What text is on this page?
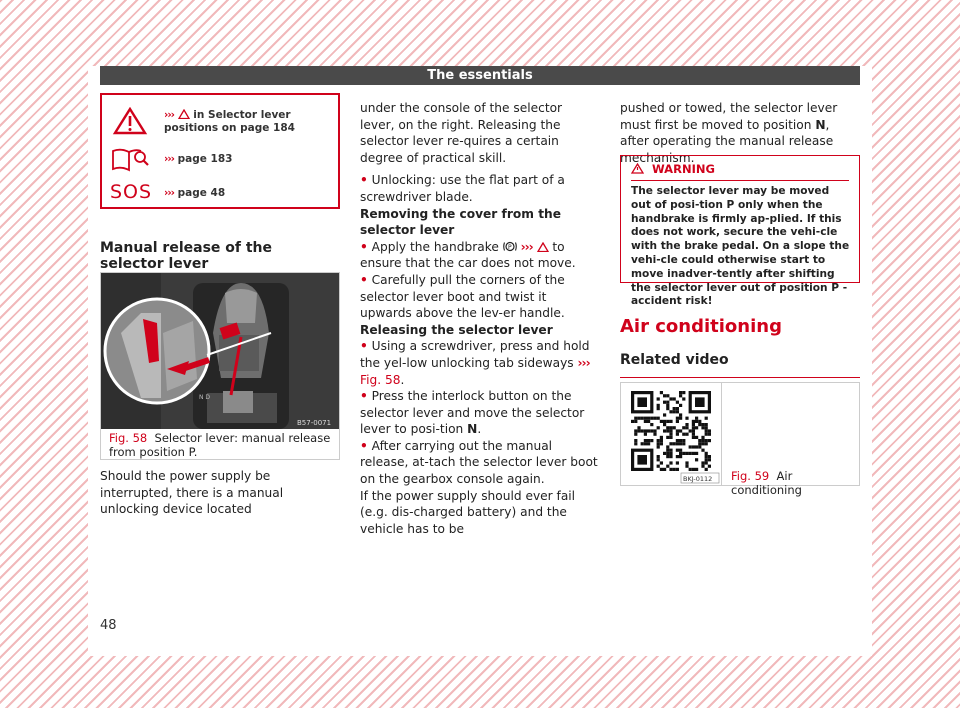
The essentials
››› in Selector lever positions on page 184
››› page 183
SOS ››› page 48
Manual release of the selector lever
N D
B57-0071
Fig. 58 Selector lever: manual release from position P.

Should the power supply be interrupted, there is a manual unlocking device located

under the console of the selector lever, on the right. Releasing the selector lever re-quires a certain degree of practical skill.

• Unlocking: use the flat part of a screwdriver blade.

Removing the cover from the selector lever

• Apply the handbrake P ››› to ensure that the car does not move.

• Carefully pull the corners of the selector lever boot and twist it upwards above the lev-er handle.

Releasing the selector lever

• Using a screwdriver, press and hold the yel-low unlocking tab sideways ››› Fig. 58.

• Press the interlock button on the selector lever and move the selector lever to posi-tion N.

• After carrying out the manual release, at-tach the selector lever boot on the gearbox console again.

If the power supply should ever fail (e.g. dis-charged battery) and the vehicle has to be

pushed or towed, the selector lever must first be moved to position N, after operating the manual release mechanism.

WARNING
The selector lever may be moved out of posi-tion P only when the handbrake is firmly ap-plied. If this does not work, secure the vehi-cle with the brake pedal. On a slope the vehi-cle could otherwise start to move inadver-tently after shifting the selector lever out of position P - accident risk!
Air conditioning
Related video
BKJ-0112 Fig. 59 Air conditioning
48
